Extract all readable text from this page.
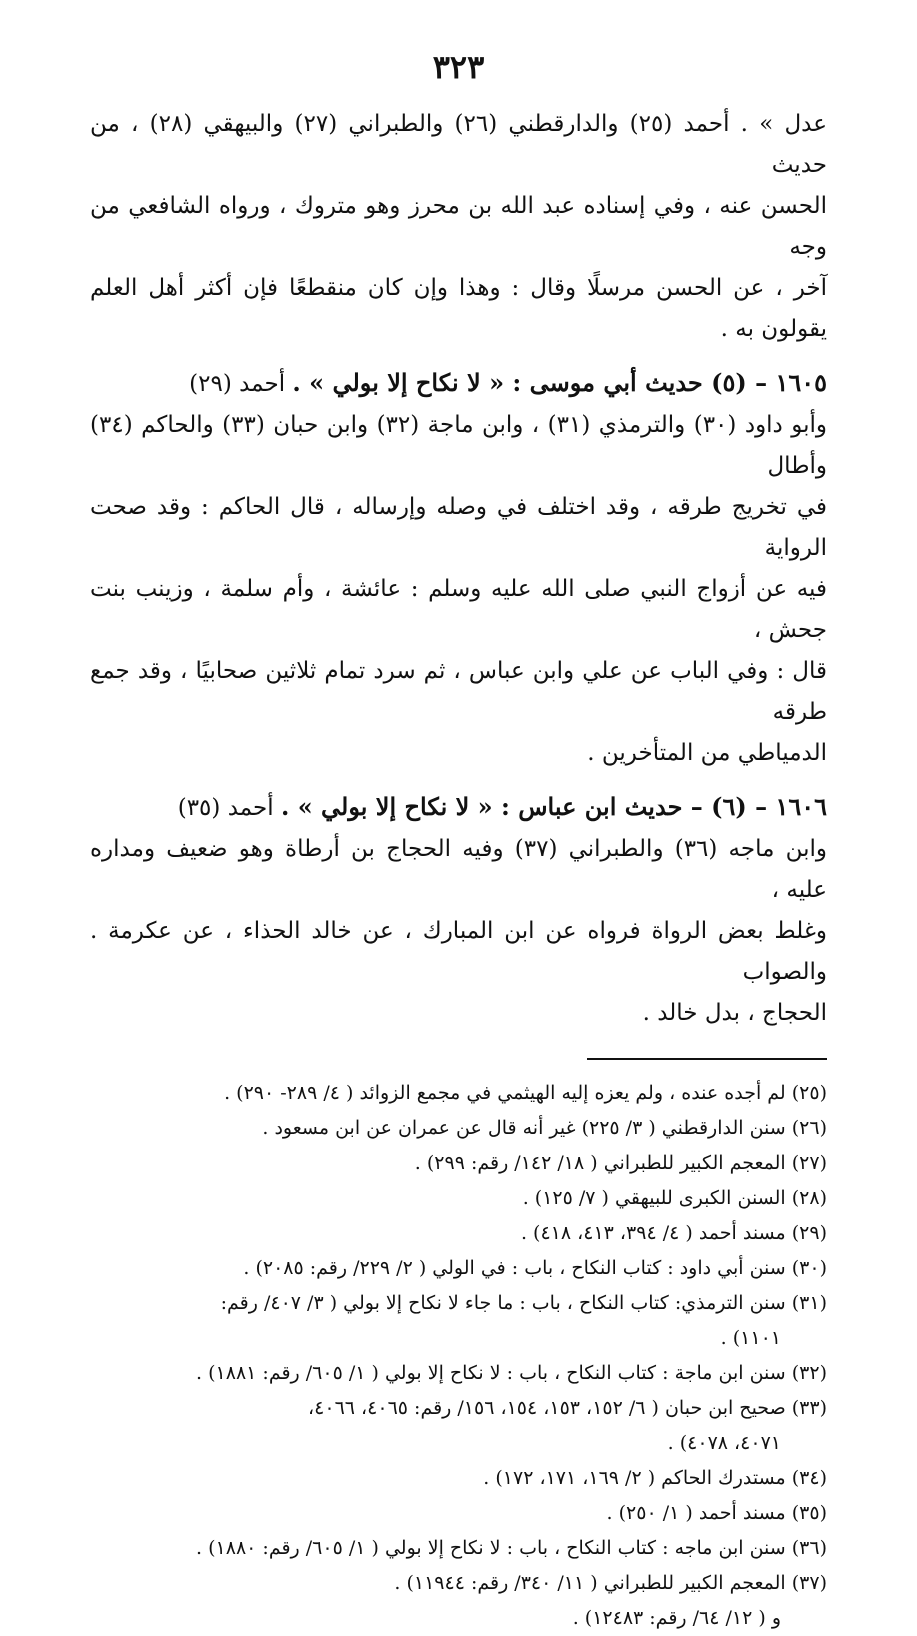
٣٢٣

عدل » . أحمد (٢٥) والدارقطني (٢٦) والطبراني (٢٧) والبيهقي (٢٨) ، من حديث
الحسن عنه ، وفي إسناده عبد الله بن محرز وهو متروك ، ورواه الشافعي من وجه
آخر ، عن الحسن مرسلًا وقال : وهذا وإن كان منقطعًا فإن أكثر أهل العلم يقولون به .

١٦٠٥ – (٥) حديث أبي موسى : « لا نكاح إلا بولي » . أحمد (٢٩)
وأبو داود (٣٠) والترمذي (٣١) ، وابن ماجة (٣٢) وابن حبان (٣٣) والحاكم (٣٤) وأطال
في تخريج طرقه ، وقد اختلف في وصله وإرساله ، قال الحاكم : وقد صحت الرواية
فيه عن أزواج النبي صلى الله عليه وسلم : عائشة ، وأم سلمة ، وزينب بنت جحش ،
قال : وفي الباب عن علي وابن عباس ، ثم سرد تمام ثلاثين صحابيًا ، وقد جمع طرقه
الدمياطي من المتأخرين .

١٦٠٦ – (٦) – حديث ابن عباس : « لا نكاح إلا بولي » . أحمد (٣٥)
وابن ماجه (٣٦) والطبراني (٣٧) وفيه الحجاج بن أرطاة وهو ضعيف ومداره عليه ،
وغلط بعض الرواة فرواه عن ابن المبارك ، عن خالد الحذاء ، عن عكرمة . والصواب
الحجاج ، بدل خالد .

(٢٥) لم أجده عنده ، ولم يعزه إليه الهيثمي في مجمع الزوائد ( ٤/ ٢٨٩- ٢٩٠) .
(٢٦) سنن الدارقطني ( ٣/ ٢٢٥) غير أنه قال عن عمران عن ابن مسعود .
(٢٧) المعجم الكبير للطبراني ( ١٨/ ١٤٢/ رقم: ٢٩٩) .
(٢٨) السنن الكبرى للبيهقي ( ٧/ ١٢٥) .
(٢٩) مسند أحمد ( ٤/ ٣٩٤، ٤١٣، ٤١٨) .
(٣٠) سنن أبي داود : كتاب النكاح ، باب : في الولي ( ٢/ ٢٢٩/ رقم: ٢٠٨٥) .
(٣١) سنن الترمذي: كتاب النكاح ، باب : ما جاء لا نكاح إلا بولي ( ٣/ ٤٠٧/ رقم:
١١٠١) .
(٣٢) سنن ابن ماجة : كتاب النكاح ، باب : لا نكاح إلا بولي ( ١/ ٦٠٥/ رقم: ١٨٨١) .
(٣٣) صحيح ابن حبان ( ٦/ ١٥٢، ١٥٣، ١٥٤، ١٥٦/ رقم: ٤٠٦٥، ٤٠٦٦،
٤٠٧١، ٤٠٧٨) .
(٣٤) مستدرك الحاكم ( ٢/ ١٦٩، ١٧١، ١٧٢) .
(٣٥) مسند أحمد ( ١/ ٢٥٠) .
(٣٦) سنن ابن ماجه : كتاب النكاح ، باب : لا نكاح إلا بولي ( ١/ ٦٠٥/ رقم: ١٨٨٠) .
(٣٧) المعجم الكبير للطبراني ( ١١/ ٣٤٠/ رقم: ١١٩٤٤) .
و ( ١٢/ ٦٤/ رقم: ١٢٤٨٣) .
